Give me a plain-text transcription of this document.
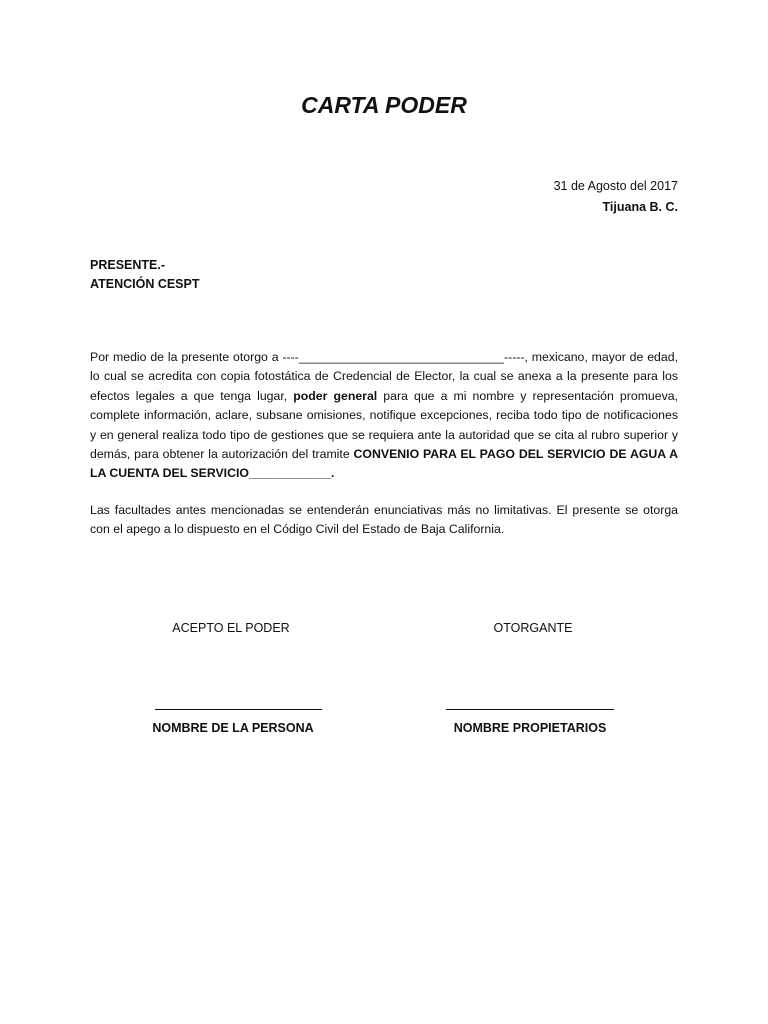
CARTA PODER
31 de Agosto del 2017
Tijuana B. C.
PRESENTE.-
ATENCIÓN CESPT
Por medio de la presente otorgo a ----______________________________-----, mexicano, mayor de edad, lo cual se acredita con copia fotostática de Credencial de Elector, la cual se anexa a la presente para los efectos legales a que tenga lugar, poder general para que a mi nombre y representación promueva, complete información, aclare, subsane omisiones, notifique excepciones, reciba todo tipo de notificaciones y en general realiza todo tipo de gestiones que se requiera ante la autoridad que se cita al rubro superior y demás, para obtener la autorización del tramite CONVENIO PARA EL PAGO DEL SERVICIO DE AGUA A LA CUENTA DEL SERVICIO____________.
Las facultades antes mencionadas se entenderán enunciativas más no limitativas. El presente se otorga con el apego a lo dispuesto en el Código Civil del Estado de Baja California.
ACEPTO EL PODER	OTORGANTE
NOMBRE DE LA PERSONA	NOMBRE PROPIETARIOS
